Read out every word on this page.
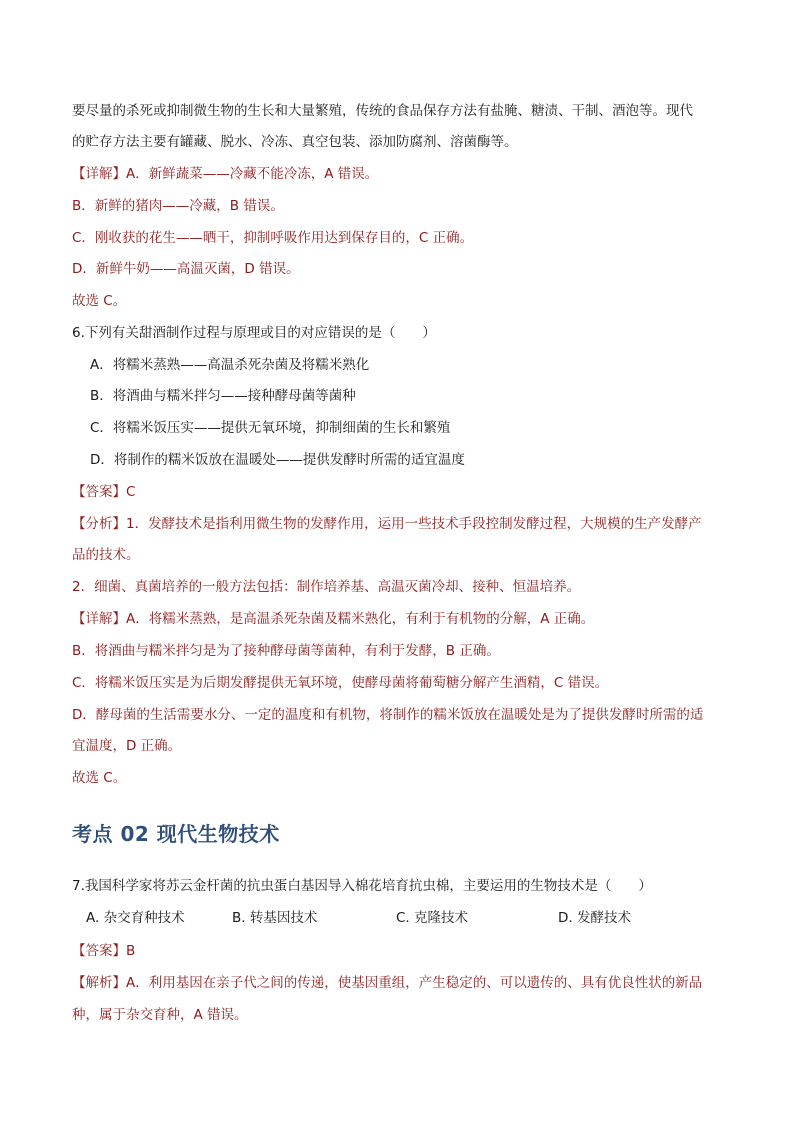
要尽量的杀死或抑制微生物的生长和大量繁殖，传统的食品保存方法有盐腌、糖渍、干制、酒泡等。现代
的贮存方法主要有罐藏、脱水、冷冻、真空包装、添加防腐剂、溶菌酶等。
【详解】A．新鲜蔬菜——冷藏不能冷冻，A 错误。
B．新鲜的猪肉——冷藏，B 错误。
C．刚收获的花生——晒干，抑制呼吸作用达到保存目的，C 正确。
D．新鲜牛奶——高温灭菌，D 错误。
故选 C。
6.下列有关甜酒制作过程与原理或目的对应错误的是（　　）
A．将糯米蒸熟——高温杀死杂菌及将糯米熟化
B．将酒曲与糯米拌匀——接种酵母菌等菌种
C．将糯米饭压实——提供无氧环境，抑制细菌的生长和繁殖
D．将制作的糯米饭放在温暖处——提供发酵时所需的适宜温度
【答案】C
【分析】1．发酵技术是指利用微生物的发酵作用，运用一些技术手段控制发酵过程，大规模的生产发酵产
品的技术。
2．细菌、真菌培养的一般方法包括：制作培养基、高温灭菌冷却、接种、恒温培养。
【详解】A．将糯米蒸熟，是高温杀死杂菌及糯米熟化，有利于有机物的分解，A 正确。
B．将酒曲与糯米拌匀是为了接种酵母菌等菌种，有利于发酵，B 正确。
C．将糯米饭压实是为后期发酵提供无氧环境，使酵母菌将葡萄糖分解产生酒精，C 错误。
D．酵母菌的生活需要水分、一定的温度和有机物，将制作的糯米饭放在温暖处是为了提供发酵时所需的适
宜温度，D 正确。
故选 C。
考点 02 现代生物技术
7.我国科学家将苏云金杆菌的抗虫蛋白基因导入棉花培育抗虫棉，主要运用的生物技术是（　　）
A. 杂交育种技术	B. 转基因技术	C. 克隆技术	D. 发酵技术
【答案】B
【解析】A．利用基因在亲子代之间的传递，使基因重组，产生稳定的、可以遗传的、具有优良性状的新品
种，属于杂交育种，A 错误。
